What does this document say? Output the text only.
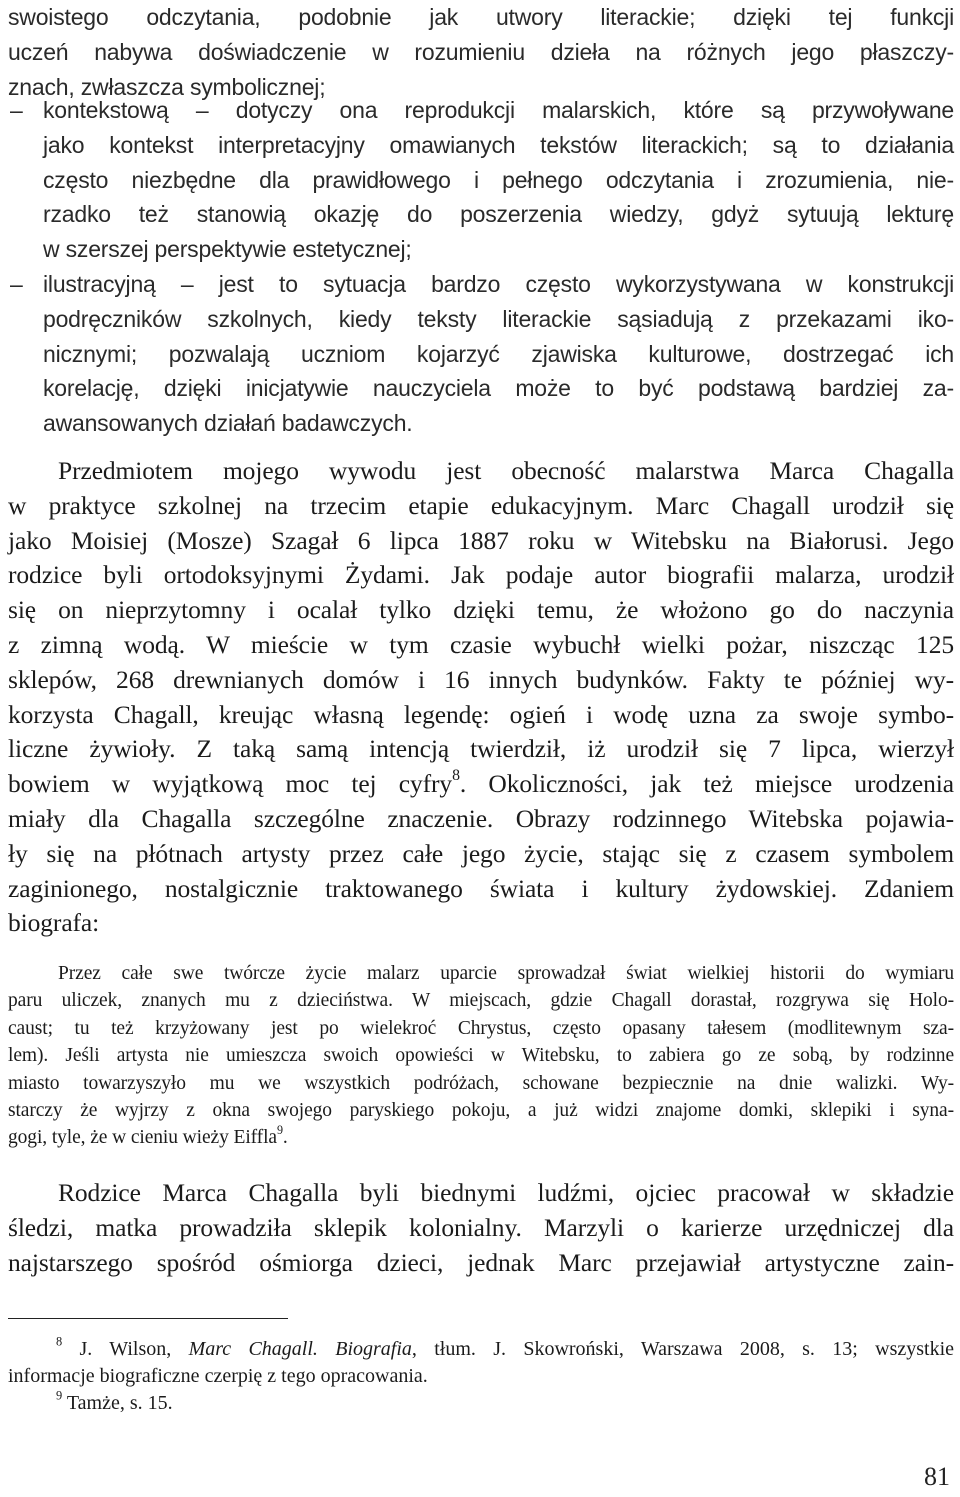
swoistego odczytania, podobnie jak utwory literackie; dzięki tej funkcji
uczeń nabywa doświadczenie w rozumieniu dzieła na różnych jego płaszczy-
znach, zwłaszcza symbolicznej;
– kontekstową – dotyczy ona reprodukcji malarskich, które są przywoływane
jako kontekst interpretacyjny omawianych tekstów literackich; są to działania
często niezbędne dla prawidłowego i pełnego odczytania i zrozumienia, nie-
rzadko też stanowią okazję do poszerzenia wiedzy, gdyż sytuują lekturę
w szerszej perspektywie estetycznej;
– ilustracyjną – jest to sytuacja bardzo często wykorzystywana w konstrukcji
podręczników szkolnych, kiedy teksty literackie sąsiadują z przekazami iko-
nicznymi; pozwalają uczniom kojarzyć zjawiska kulturowe, dostrzegać ich
korelację, dzięki inicjatywie nauczyciela może to być podstawą bardziej za-
awansowanych działań badawczych.
Przedmiotem mojego wywodu jest obecność malarstwa Marca Chagalla
w praktyce szkolnej na trzecim etapie edukacyjnym. Marc Chagall urodził się
jako Moisiej (Mosze) Szagał 6 lipca 1887 roku w Witebsku na Białorusi. Jego
rodzice byli ortodoksyjnymi Żydami. Jak podaje autor biografii malarza, urodził
się on nieprzytomny i ocalał tylko dzięki temu, że włożono go do naczynia
z zimną wodą. W mieście w tym czasie wybuchł wielki pożar, niszcząc 125
sklepów, 268 drewnianych domów i 16 innych budynków. Fakty te później wy-
korzysta Chagall, kreując własną legendę: ogień i wodę uzna za swoje symbo-
liczne żywioły. Z taką samą intencją twierdził, iż urodził się 7 lipca, wierzył
bowiem w wyjątkową moc tej cyfry$^8$. Okoliczności, jak też miejsce urodzenia
miały dla Chagalla szczególne znaczenie. Obrazy rodzinnego Witebska pojawia-
ły się na płótnach artysty przez całe jego życie, stając się z czasem symbolem
zaginionego, nostalgicznie traktowanego świata i kultury żydowskiej. Zdaniem
biografa:
Przez całe swe twórcze życie malarz uparcie sprowadzał świat wielkiej historii do wymiaru
paru uliczek, znanych mu z dzieciństwa. W miejscach, gdzie Chagall dorastał, rozgrywa się Holo-
caust; tu też krzyżowany jest po wielekroć Chrystus, często opasany tałesem (modlitewnym sza-
lem). Jeśli artysta nie umieszcza swoich opowieści w Witebsku, to zabiera go ze sobą, by rodzinne
miasto towarzyszyło mu we wszystkich podróżach, schowane bezpiecznie na dnie walizki. Wy-
starczy że wyjrzy z okna swojego paryskiego pokoju, a już widzi znajome domki, sklepiki i syna-
gogi, tyle, że w cieniu wieży Eiffla$^9$.
Rodzice Marca Chagalla byli biednymi ludźmi, ojciec pracował w składzie
śledzi, matka prowadziła sklepik kolonialny. Marzyli o karierze urzędniczej dla
najstarszego spośród ośmiorga dzieci, jednak Marc przejawiał artystyczne zain-
$^8$ J. Wilson, Marc Chagall. Biografia, tłum. J. Skowroński, Warszawa 2008, s. 13; wszystkie
informacje biograficzne czerpię z tego opracowania.
$^9$ Tamże, s. 15.
81
